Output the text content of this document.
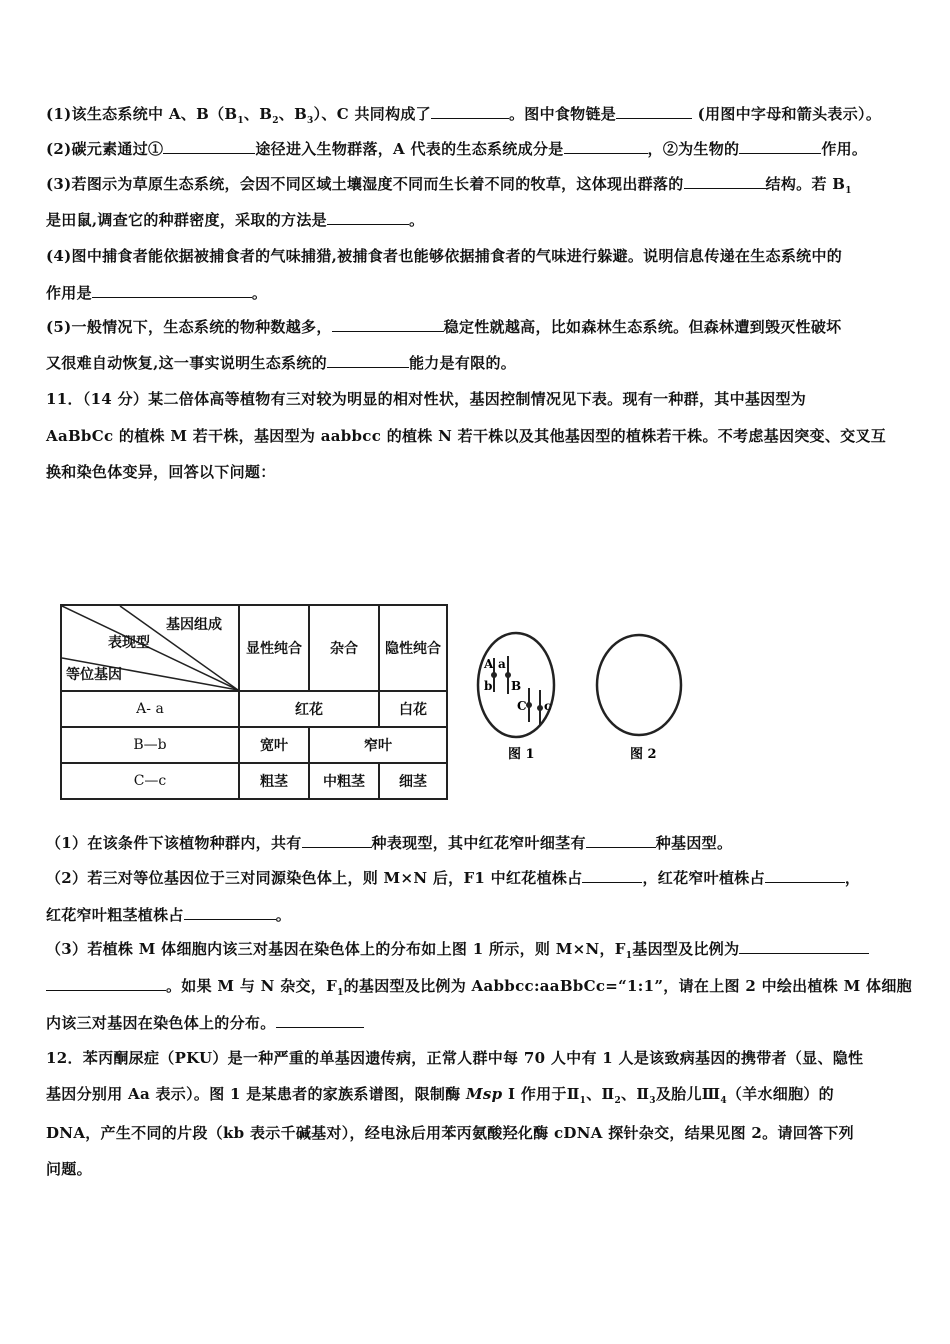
(1)该生态系统中 A、$B(B_1$、$B_2$、$B_3$）、C 共同构成了	。图中食物链是	(用图中字母和箭头表示）。
(2)碳元素通过①	途径进入生物群落，A 代表的生态系统成分是	，②为生物的	作用。
(3)若图示为草原生态系统，会因不同区域土壤湿度不同而生长着不同的牧草，这体现出群落的	结构。若 $B_1$
是田鼠,调查它的种群密度，采取的方法是	。
(4)图中捕食者能依据被捕食者的气味捕猎,被捕食者也能够依据捕食者的气味进行躲避。说明信息传递在生态系统中的
作用是	。
(5)一般情况下，生态系统的物种数越多，	稳定性就越高，比如森林生态系统。但森林遭到毁灭性破坏
又很难自动恢复,这一事实说明生态系统的	能力是有限的。
11．（14 分）某二倍体高等植物有三对较为明显的相对性状，基因控制情况见下表。现有一种群，其中基因型为
AaBbCc 的植株 M 若干株，基因型为 aabbcc 的植株 N 若干株以及其他基因型的植株若干株。不考虑基因突变、交叉互
换和染色体变异，回答以下问题：
基因组成
表现型
等位基因	显性纯合	杂合	隐性纯合
A- a	红花		白花
B—b	宽叶	窄叶	
C—c	粗茎	中粗茎	细茎
A a
b B
C c
图 1	图 2
（1）在该条件下该植物种群内，共有	种表现型，其中红花窄叶细茎有	种基因型。
（2）若三对等位基因位于三对同源染色体上，则 M×N 后，F1 中红花植株占	，红花窄叶植株占	，
红花窄叶粗茎植株占	。
（3）若植株 M 体细胞内该三对基因在染色体上的分布如上图 1 所示，则 M×N，$F_1$基因型及比例为
。如果 M 与 N 杂交，$F_1$的基因型及比例为 Aabbcc:aaBbCc=“1:1”，请在上图 2 中绘出植株 M 体细胞
内该三对基因在染色体上的分布。
12．苯丙酮尿症（PKU）是一种严重的单基因遗传病，正常人群中每 70 人中有 1 人是该致病基因的携带者（显、隐性
基因分别用 Aa 表示）。图 1 是某患者的家族系谱图，限制酶 Msp I 作用于$Ⅱ_1$、$Ⅱ_2$、$Ⅱ_3$及胎儿$Ⅲ_4$（羊水细胞）的
DNA，产生不同的片段（kb 表示千碱基对），经电泳后用苯丙氨酸羟化酶 cDNA 探针杂交，结果见图 2。请回答下列
问题。
